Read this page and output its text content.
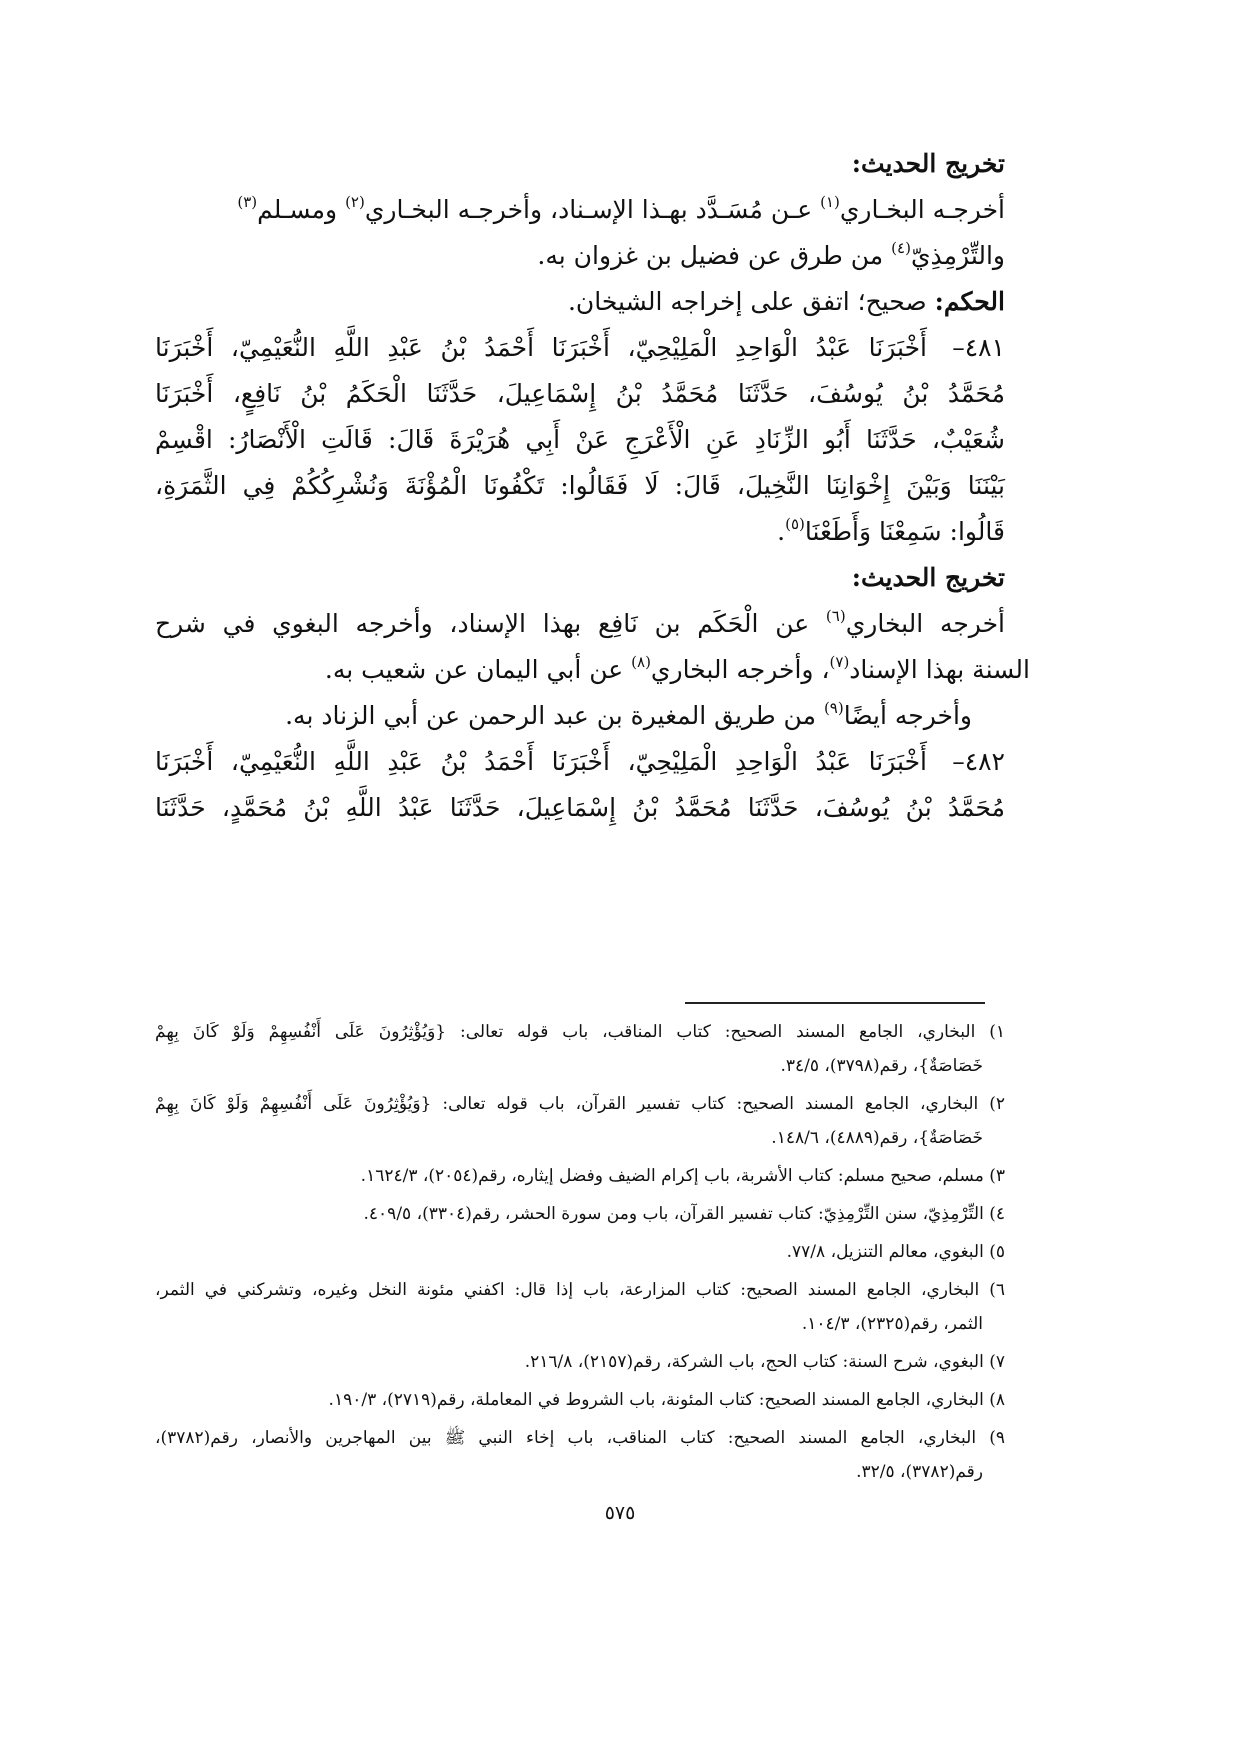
تخريج الحديث:
أخرجـه البخـاري$^{(١)}$ عـن مُسَـدَّد بهـذا الإسـناد، وأخرجـه البخـاري$^{(٢)}$ ومسـلم$^{(٣)}$
والتِّرْمِذِيّ$^{(٤)}$ من طرق عن فضيل بن غزوان به.
الحكم: صحيح؛ اتفق على إخراجه الشيخان.
٤٨١–أَخْبَرَنَا عَبْدُ الْوَاحِدِ الْمَلِيْحِيّ، أَخْبَرَنَا أَحْمَدُ بْنُ عَبْدِ اللَّهِ النُّعَيْمِيّ، أَخْبَرَنَا
مُحَمَّدُ بْنُ يُوسُفَ، حَدَّثَنَا مُحَمَّدُ بْنُ إِسْمَاعِيلَ، حَدَّثَنَا الْحَكَمُ بْنُ نَافِعٍ، أَخْبَرَنَا
شُعَيْبٌ، حَدَّثَنَا أَبُو الزِّنَادِ عَنِ الْأَعْرَجِ عَنْ أَبِي هُرَيْرَةَ قَالَ: قَالَتِ الْأَنْصَارُ: اقْسِمْ
بَيْنَنَا وَبَيْنَ إِخْوَانِنَا النَّخِيلَ، قَالَ: لَا فَقَالُوا: تَكْفُونَا الْمُؤْنَةَ وَنُشْرِكُكُمْ فِي الثَّمَرَةِ،
قَالُوا: سَمِعْنَا وَأَطَعْنَا$^{(٥)}$.
تخريج الحديث:
أخرجه البخاري$^{(٦)}$ عن الْحَكَم بن نَافِع بهذا الإسناد، وأخرجه البغوي في شرح
السنة بهذا الإسناد$^{(٧)}$، وأخرجه البخاري$^{(٨)}$ عن أبي اليمان عن شعيب به.
وأخرجه أيضًا$^{(٩)}$ من طريق المغيرة بن عبد الرحمن عن أبي الزناد به.
٤٨٢–أَخْبَرَنَا عَبْدُ الْوَاحِدِ الْمَلِيْحِيّ، أَخْبَرَنَا أَحْمَدُ بْنُ عَبْدِ اللَّهِ النُّعَيْمِيّ، أَخْبَرَنَا
مُحَمَّدُ بْنُ يُوسُفَ، حَدَّثَنَا مُحَمَّدُ بْنُ إِسْمَاعِيلَ، حَدَّثَنَا عَبْدُ اللَّهِ بْنُ مُحَمَّدٍ، حَدَّثَنَا
١) البخاري، الجامع المسند الصحيح: كتاب المناقب، باب قوله تعالى: {وَيُؤْثِرُونَ عَلَى أَنْفُسِهِمْ وَلَوْ كَانَ بِهِمْ
خَصَاصَةٌ}، رقم(٣٧٩٨)، ٣٤/٥.
٢) البخاري، الجامع المسند الصحيح: كتاب تفسير القرآن، باب قوله تعالى: {وَيُؤْثِرُونَ عَلَى أَنْفُسِهِمْ وَلَوْ كَانَ بِهِمْ
خَصَاصَةٌ}، رقم(٤٨٨٩)، ١٤٨/٦.
٣) مسلم، صحيح مسلم: كتاب الأشربة، باب إكرام الضيف وفضل إيثاره، رقم(٢٠٥٤)، ١٦٢٤/٣.
٤) التِّرْمِذِيّ، سنن التِّرْمِذِيّ: كتاب تفسير القرآن، باب ومن سورة الحشر، رقم(٣٣٠٤)، ٤٠٩/٥.
٥) البغوي، معالم التنزيل، ٧٧/٨.
٦) البخاري، الجامع المسند الصحيح: كتاب المزارعة، باب إذا قال: اكفني مئونة النخل وغيره، وتشركني في الثمر،
الثمر، رقم(٢٣٢٥)، ١٠٤/٣.
٧) البغوي، شرح السنة: كتاب الحج، باب الشركة، رقم(٢١٥٧)، ٢١٦/٨.
٨) البخاري، الجامع المسند الصحيح: كتاب المئونة، باب الشروط في المعاملة، رقم(٢٧١٩)، ١٩٠/٣.
٩) البخاري، الجامع المسند الصحيح: كتاب المناقب، باب إخاء النبي ﷺ بين المهاجرين والأنصار، رقم(٣٧٨٢)،
رقم(٣٧٨٢)، ٣٢/٥.
٥٧٥
